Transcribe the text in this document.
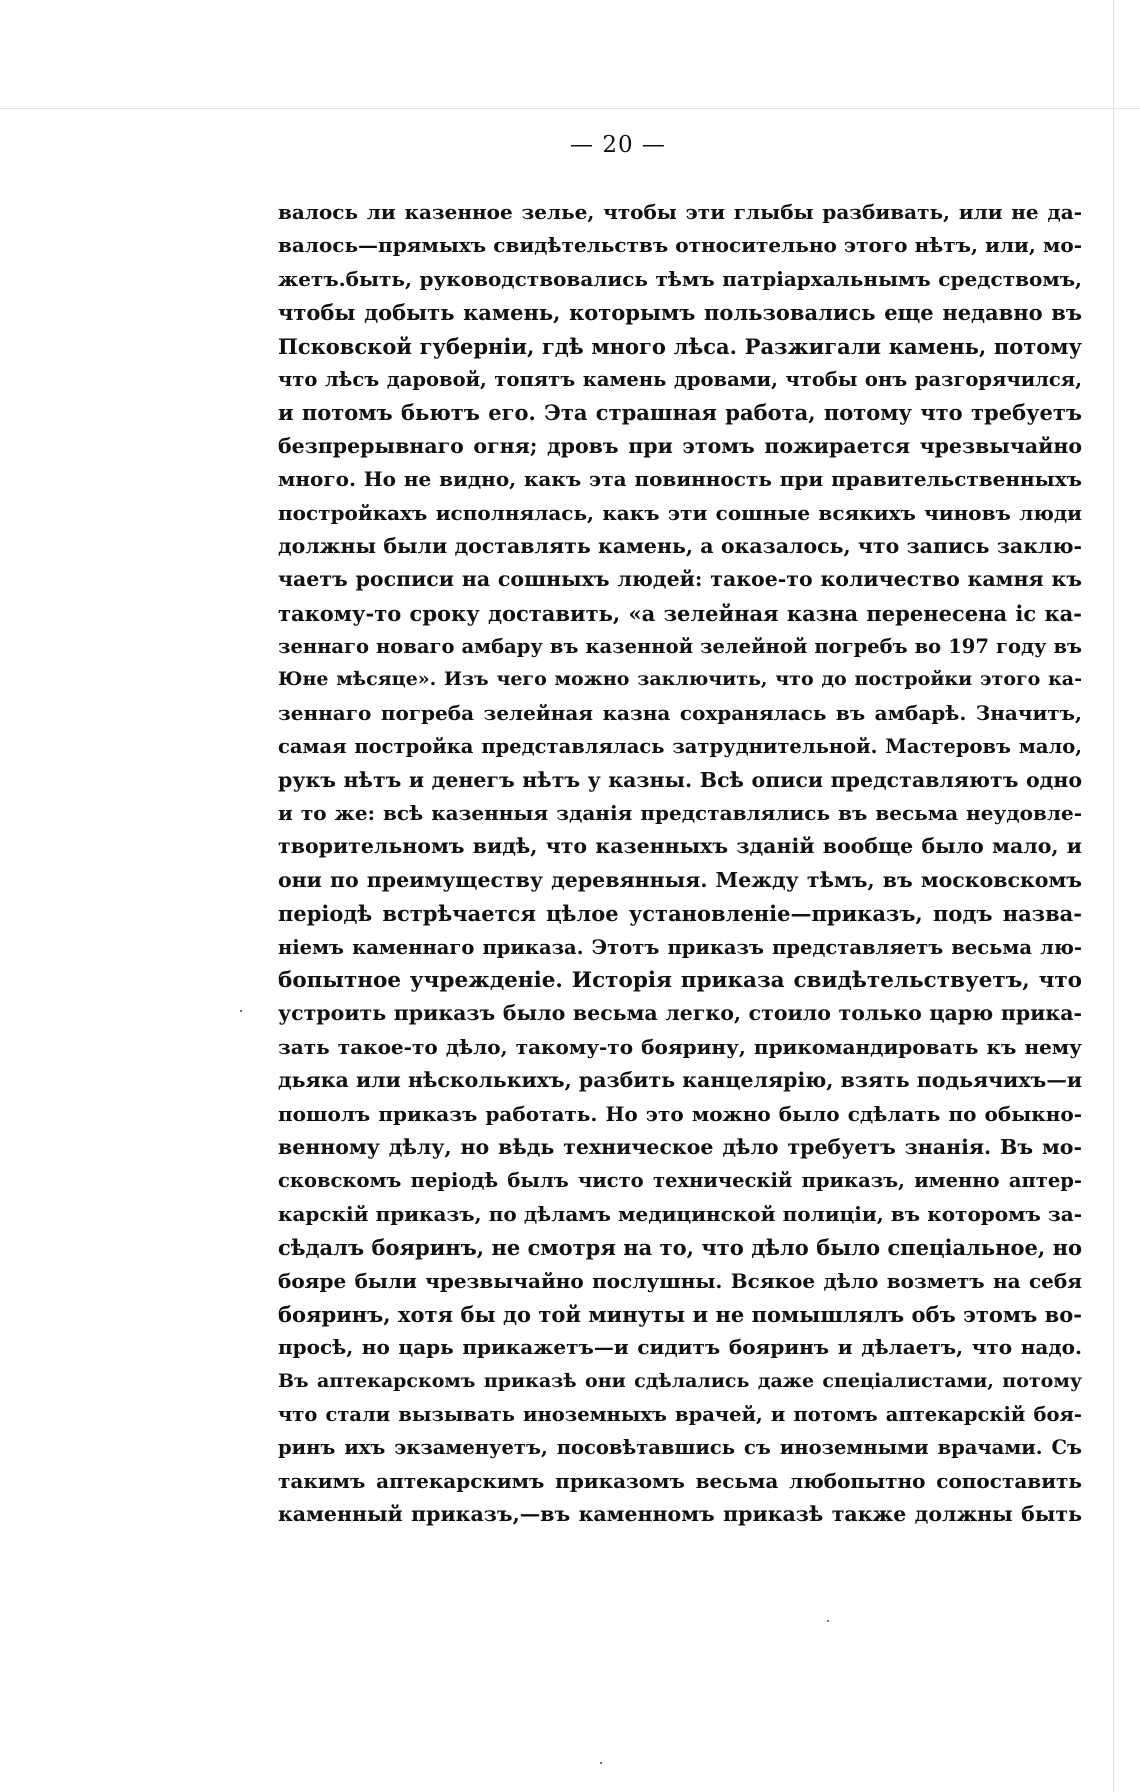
— 20 —
валось ли казенное зелье, чтобы эти глыбы разбивать, или не да-
валось—прямыхъ свидѣтельствъ относительно этого нѣтъ, или, мо-
жетъ.быть, руководствовались тѣмъ патріархальнымъ средствомъ,
чтобы добыть камень, которымъ пользовались еще недавно въ
Псковской губерніи, гдѣ много лѣса. Разжигали камень, потому
что лѣсъ даровой, топятъ камень дровами, чтобы онъ разгорячился,
и потомъ бьютъ его. Эта страшная работа, потому что требуетъ
безпрерывнаго огня; дровъ при этомъ пожирается чрезвычайно
много. Но не видно, какъ эта повинность при правительственныхъ
постройкахъ исполнялась, какъ эти сошные всякихъ чиновъ люди
должны были доставлять камень, а оказалось, что запись заклю-
чаетъ росписи на сошныхъ людей: такое-то количество камня къ
такому-то сроку доставить, «а зелейная казна перенесена іс ка-
зеннаго новаго амбару въ казенной зелейной погребъ во 197 году въ
Юне мѣсяце». Изъ чего можно заключить, что до постройки этого ка-
зеннаго погреба зелейная казна сохранялась въ амбарѣ. Значитъ,
самая постройка представлялась затруднительной. Мастеровъ мало,
рукъ нѣтъ и денегъ нѣтъ у казны. Всѣ описи представляютъ одно
и то же: всѣ казенныя зданія представлялись въ весьма неудовле-
творительномъ видѣ, что казенныхъ зданій вообще было мало, и
они по преимуществу деревянныя. Между тѣмъ, въ московскомъ
періодѣ встрѣчается цѣлое установленіе—приказъ, подъ назва-
ніемъ каменнаго приказа. Этотъ приказъ представляетъ весьма лю-
бопытное учрежденіе. Исторія приказа свидѣтельствуетъ, что
устроить приказъ было весьма легко, стоило только царю прика-
зать такое-то дѣло, такому-то боярину, прикомандировать къ нему
дьяка или нѣсколькихъ, разбить канцелярію, взять подьячихъ—и
пошолъ приказъ работать. Но это можно было сдѣлать по обыкно-
венному дѣлу, но вѣдь техническое дѣло требуетъ знанія. Въ мо-
сковскомъ періодѣ былъ чисто техническій приказъ, именно аптер-
карскій приказъ, по дѣламъ медицинской полиціи, въ которомъ за-
сѣдалъ бояринъ, не смотря на то, что дѣло было спеціальное, но
бояре были чрезвычайно послушны. Всякое дѣло возметъ на себя
бояринъ, хотя бы до той минуты и не помышлялъ объ этомъ во-
просѣ, но царь прикажетъ—и сидитъ бояринъ и дѣлаетъ, что надо.
Въ аптекарскомъ приказѣ они сдѣлались даже спеціалистами, потому
что стали вызывать иноземныхъ врачей, и потомъ аптекарскій боя-
ринъ ихъ экзаменуетъ, посовѣтавшись съ иноземными врачами. Съ
такимъ аптекарскимъ приказомъ весьма любопытно сопоставить
каменный приказъ,—въ каменномъ приказѣ также должны быть
